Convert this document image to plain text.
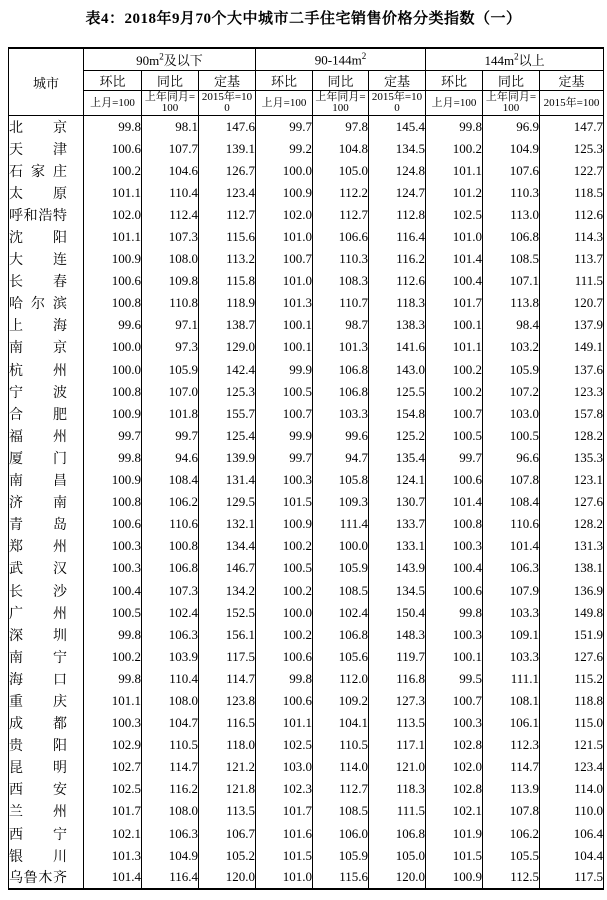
表4：2018年9月70个大中城市二手住宅销售价格分类指数（一）
城市	$90m^2$及以下			$90-144m^2$			$144m^2$以上		
	环比	同比	定基	环比	同比	定基	环比	同比	定基
	上月=100	上年同月=100	2015年=100	上月=100	上年同月=100	2015年=100	上月=100	上年同月=100	2015年=100
北京	99.8	98.1	147.6	99.7	97.8	145.4	99.8	96.9	147.7
天津	100.6	107.7	139.1	99.2	104.8	134.5	100.2	104.9	125.3
石家庄	100.2	104.6	126.7	100.0	105.0	124.8	101.1	107.6	122.7
太原	101.1	110.4	123.4	100.9	112.2	124.7	101.2	110.3	118.5
呼和浩特	102.0	112.4	112.7	102.0	112.7	112.8	102.5	113.0	112.6
沈阳	101.1	107.3	115.6	101.0	106.6	116.4	101.0	106.8	114.3
大连	100.9	108.0	113.2	100.7	110.3	116.2	101.4	108.5	113.7
长春	100.6	109.8	115.8	101.0	108.3	112.6	100.4	107.1	111.5
哈尔滨	100.8	110.8	118.9	101.3	110.7	118.3	101.7	113.8	120.7
上海	99.6	97.1	138.7	100.1	98.7	138.3	100.1	98.4	137.9
南京	100.0	97.3	129.0	100.1	101.3	141.6	101.1	103.2	149.1
杭州	100.0	105.9	142.4	99.9	106.8	143.0	100.2	105.9	137.6
宁波	100.8	107.0	125.3	100.5	106.8	125.5	100.2	107.2	123.3
合肥	100.9	101.8	155.7	100.7	103.3	154.8	100.7	103.0	157.8
福州	99.7	99.7	125.4	99.9	99.6	125.2	100.5	100.5	128.2
厦门	99.8	94.6	139.9	99.7	94.7	135.4	99.7	96.6	135.3
南昌	100.9	108.4	131.4	100.3	105.8	124.1	100.6	107.8	123.1
济南	100.8	106.2	129.5	101.5	109.3	130.7	101.4	108.4	127.6
青岛	100.6	110.6	132.1	100.9	111.4	133.7	100.8	110.6	128.2
郑州	100.3	100.8	134.4	100.2	100.0	133.1	100.3	101.4	131.3
武汉	100.3	106.8	146.7	100.5	105.9	143.9	100.4	106.3	138.1
长沙	100.4	107.3	134.2	100.2	108.5	134.5	100.6	107.9	136.9
广州	100.5	102.4	152.5	100.0	102.4	150.4	99.8	103.3	149.8
深圳	99.8	106.3	156.1	100.2	106.8	148.3	100.3	109.1	151.9
南宁	100.2	103.9	117.5	100.6	105.6	119.7	100.1	103.3	127.6
海口	99.8	110.4	114.7	99.8	112.0	116.8	99.5	111.1	115.2
重庆	101.1	108.0	123.8	100.6	109.2	127.3	100.7	108.1	118.8
成都	100.3	104.7	116.5	101.1	104.1	113.5	100.3	106.1	115.0
贵阳	102.9	110.5	118.0	102.5	110.5	117.1	102.8	112.3	121.5
昆明	102.7	114.7	121.2	103.0	114.0	121.0	102.0	114.7	123.4
西安	102.5	116.2	121.8	102.3	112.7	118.3	102.8	113.9	114.0
兰州	101.7	108.0	113.5	101.7	108.5	111.5	102.1	107.8	110.0
西宁	102.1	106.3	106.7	101.6	106.0	106.8	101.9	106.2	106.4
银川	101.3	104.9	105.2	101.5	105.9	105.0	101.5	105.5	104.4
乌鲁木齐	101.4	116.4	120.0	101.0	115.6	120.0	100.9	112.5	117.5
